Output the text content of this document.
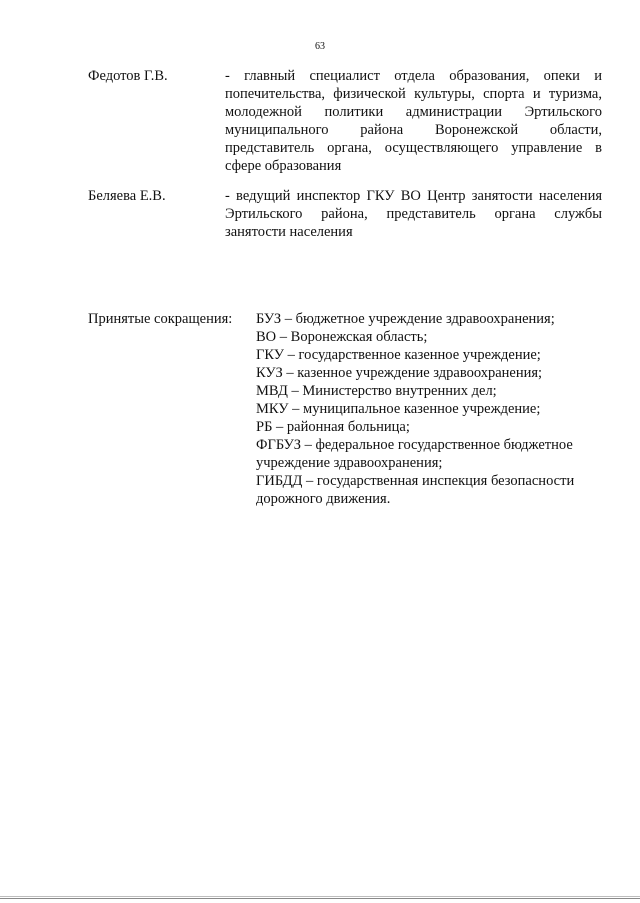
63
Федотов Г.В.	- главный специалист отдела образования, опеки и попечительства, физической культуры, спорта и туризма, молодежной политики администрации Эртильского муниципального района Воронежской области, представитель органа, осуществляющего управление в сфере образования
Беляева Е.В.	- ведущий инспектор ГКУ ВО Центр занятости населения Эртильского района, представитель органа службы занятости населения
Принятые сокращения: БУЗ – бюджетное учреждение здравоохранения;
ВО – Воронежская область;
ГКУ – государственное казенное учреждение;
КУЗ – казенное учреждение здравоохранения;
МВД – Министерство внутренних дел;
МКУ – муниципальное казенное учреждение;
РБ – районная больница;
ФГБУЗ – федеральное государственное бюджетное учреждение здравоохранения;
ГИБДД – государственная инспекция безопасности дорожного движения.
